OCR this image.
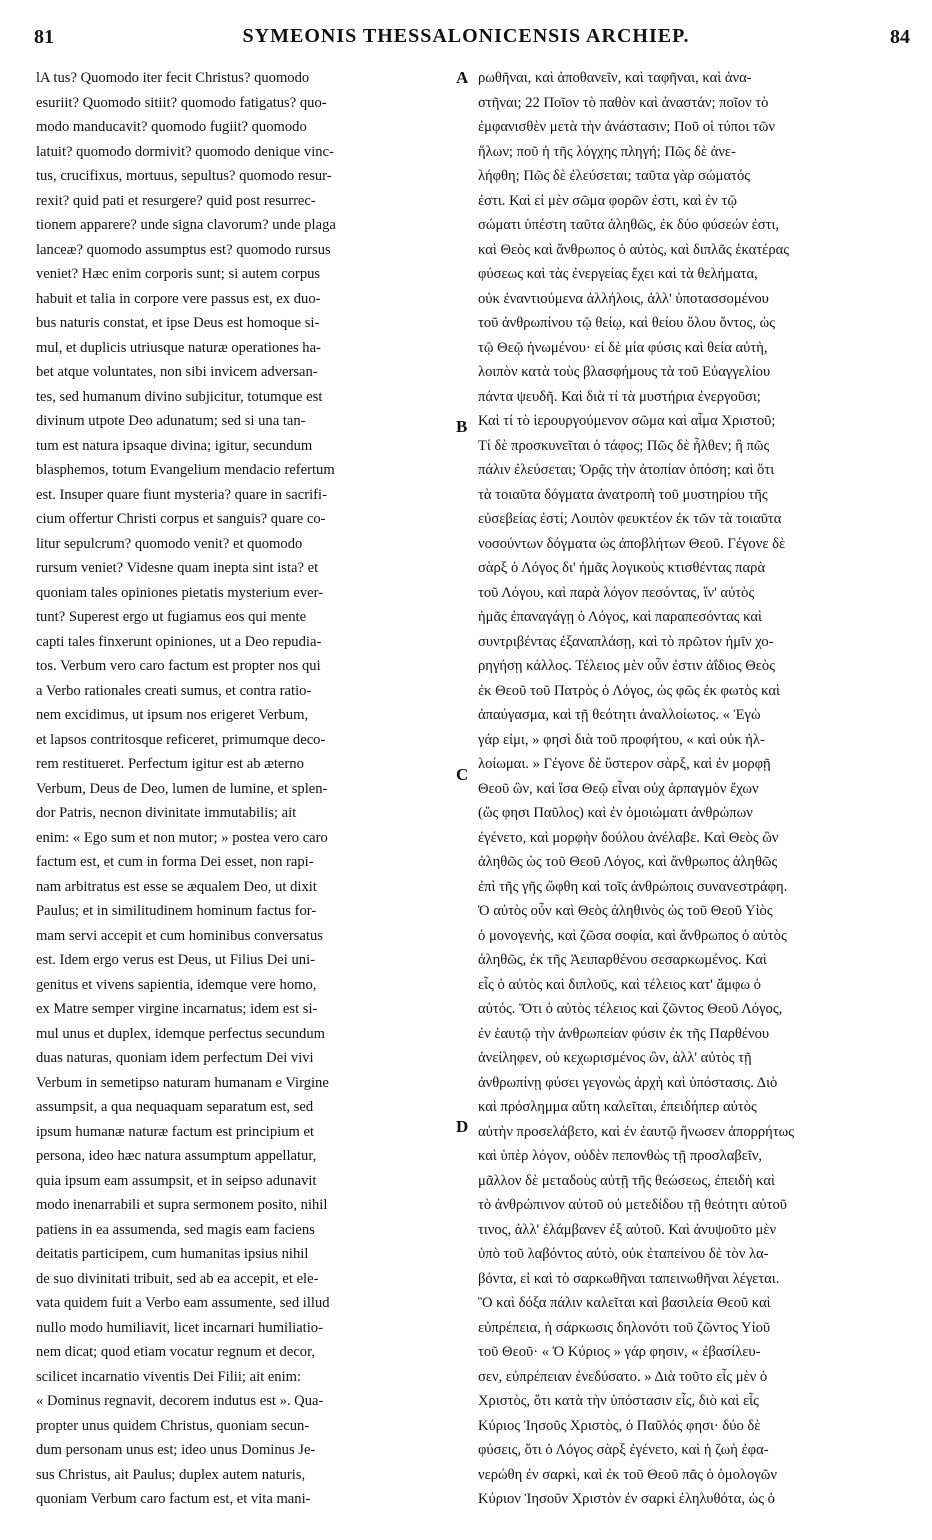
81	SYMEONIS THESSALONICENSIS ARCHIEP.	84
lA tus? Quomodo iter fecit Christus? quomodo
esuriit? Quomodo sitiit? quomodo fatigatus? quo-
modo manducavit? quomodo fugiit? quomodo
latuit? quomodo dormivit? quomodo denique vinc-
tus, crucifixus, mortuus, sepultus? quomodo resur-
rexit? quid pati et resurgere? quid post resurrec-
tionem apparere? unde signa clavorum? unde plaga
lanceæ? quomodo assumptus est? quomodo rursus
veniet? Hæc enim corporis sunt; si autem corpus
habuit et talia in corpore vere passus est, ex duo-
bus naturis constat, et ipse Deus est homoque si-
mul, et duplicis utriusque naturæ operationes ha-
bet atque voluntates, non sibi invicem adversan-
tes, sed humanum divino subjicitur, totumque est
divinum utpote Deo adunatum; sed si una tan-
tum est natura ipsaque divina; igitur, secundum
blasphemos, totum Evangelium mendacio refertum
est. Insuper quare fiunt mysteria? quare in sacrifi-
cium offertur Christi corpus et sanguis? quare co-
litur sepulcrum? quomodo venit? et quomodo
rursum veniet? Videsne quam inepta sint ista? et
quoniam tales opiniones pietatis mysterium ever-
tunt? Superest ergo ut fugiamus eos qui mente
capti tales finxerunt opiniones, ut a Deo repudia-
tos. Verbum vero caro factum est propter nos qui
a Verbo rationales creati sumus, et contra ratio-
nem excidimus, ut ipsum nos erigeret Verbum,
et lapsos contritosque reficeret, primumque deco-
rem restitueret. Perfectum igitur est ab æterno
Verbum, Deus de Deo, lumen de lumine, et splen-
dor Patris, necnon divinitate immutabilis; ait
enim: « Ego sum et non mutor; » postea vero caro
factum est, et cum in forma Dei esset, non rapi-
nam arbitratus est esse se æqualem Deo, ut dixit
Paulus; et in similitudinem hominum factus for-
mam servi accepit et cum hominibus conversatus
est. Idem ergo verus est Deus, ut Filius Dei uni-
genitus et vivens sapientia, idemque vere homo,
ex Matre semper virgine incarnatus; idem est si-
mul unus et duplex, idemque perfectus secundum
duas naturas, quoniam idem perfectum Dei vivi
Verbum in semetipso naturam humanam e Virgine
assumpsit, a qua nequaquam separatum est, sed
ipsum humanæ naturæ factum est principium et
persona, ideo hæc natura assumptum appellatur,
quia ipsum eam assumpsit, et in seipso adunavit
modo inenarrabili et supra sermonem posito, nihil
patiens in ea assumenda, sed magis eam faciens
deitatis participem, cum humanitas ipsius nihil
de suo divinitati tribuit, sed ab ea accepit, et ele-
vata quidem fuit a Verbo eam assumente, sed illud
nullo modo humiliavit, licet incarnari humiliatio-
nem dicat; quod etiam vocatur regnum et decor,
scilicet incarnatio viventis Dei Filii; ait enim:
« Dominus regnavit, decorem indutus est ». Qua-
propter unus quidem Christus, quoniam secun-
dum personam unus est; ideo unus Dominus Je-
sus Christus, ait Paulus; duplex autem naturis,
quoniam Verbum caro factum est, et vita mani-
ρωθῆναι, καὶ ἀποθανεῖν, καὶ ταφῆναι, καὶ ἀνα-
στῆναι; 22 Ποῖον τὸ παθὸν καὶ ἀναστάν; ποῖον τὸ
ἐμφανισθὲν μετὰ τὴν ἀνάστασιν; Ποῦ οἱ τύποι τῶν
ἥλων; ποῦ ἡ τῆς λόγχης πληγή; Πῶς δὲ ἀνε-
λήφθη; Πῶς δὲ ἐλεύσεται; ταῦτα γὰρ σώματός
ἐστι. Καὶ εἰ μὲν σῶμα φορῶν ἐστι, καὶ ἐν τῷ
σώματι ὑπέστη ταῦτα ἀληθῶς, ἐκ δύο φύσεών ἐστι,
καὶ Θεὸς καὶ ἄνθρωπος ὁ αὐτὸς, καὶ διπλᾶς ἑκατέρας
φύσεως καὶ τὰς ἐνεργείας ἔχει καὶ τὰ θελήματα,
οὐκ ἐναντιούμενα ἀλλήλοις, ἀλλ' ὑποτασσομένου
τοῦ ἀνθρωπίνου τῷ θείῳ, καὶ θείου ὅλου ὄντος, ὡς
τῷ Θεῷ ἡνωμένου· εἰ δὲ μία φύσις καὶ θεία αὐτὴ,
λοιπὸν κατὰ τοὺς βλασφήμους τὰ τοῦ Εὐαγγελίου
πάντα ψευδῆ. Καὶ διὰ τί τὰ μυστήρια ἐνεργοῦσι;
Καὶ τί τὸ ἱερουργούμενον σῶμα καὶ αἷμα Χριστοῦ;
Τί δὲ προσκυνεῖται ὁ τάφος; Πῶς δὲ ἦλθεν; ἢ πῶς
πάλιν ἐλεύσεται; Ὁρᾷς τὴν ἀτοπίαν ὁπόση; καὶ ὅτι
τὰ τοιαῦτα δόγματα ἀνατροπὴ τοῦ μυστηρίου τῆς
εὐσεβείας ἐστί; Λοιπὸν φευκτέον ἐκ τῶν τὰ τοιαῦτα
νοσούντων δόγματα ὡς ἀποβλήτων Θεοῦ. Γέγονε δὲ
σὰρξ ὁ Λόγος δι' ἡμᾶς λογικοὺς κτισθέντας παρὰ
τοῦ Λόγου, καὶ παρὰ λόγον πεσόντας, ἵν' αὐτὸς
ἡμᾶς ἐπαναγάγῃ ὁ Λόγος, καὶ παραπεσόντας καὶ
συντριβέντας ἐξαναπλάσῃ, καὶ τὸ πρῶτον ἡμῖν χο-
ρηγήσῃ κάλλος. Τέλειος μὲν οὖν ἐστιν ἀΐδιος Θεὸς
ἐκ Θεοῦ τοῦ Πατρὸς ὁ Λόγος, ὡς φῶς ἐκ φωτὸς καὶ
ἀπαύγασμα, καὶ τῇ θεότητι ἀναλλοίωτος. « Ἐγὼ
γάρ εἰμι, » φησὶ διὰ τοῦ προφήτου, « καὶ οὐκ ἠλ-
λοίωμαι. » Γέγονε δὲ ὕστερον σὰρξ, καὶ ἐν μορφῇ
Θεοῦ ὢν, καὶ ἴσα Θεῷ εἶναι οὐχ ἁρπαγμὸν ἔχων
(ὥς φησι Παῦλος) καὶ ἐν ὁμοιώματι ἀνθρώπων
ἐγένετο, καὶ μορφὴν δούλου ἀνέλαβε. Καὶ Θεὸς ὢν
ἀληθῶς ὡς τοῦ Θεοῦ Λόγος, καὶ ἄνθρωπος ἀληθῶς
ἐπὶ τῆς γῆς ὤφθη καὶ τοῖς ἀνθρώποις συνανεστράφη.
Ὁ αὐτὸς οὖν καὶ Θεὸς ἀληθινὸς ὡς τοῦ Θεοῦ Υἱὸς
ὁ μονογενὴς, καὶ ζῶσα σοφία, καὶ ἄνθρωπος ὁ αὐτὸς
ἀληθῶς, ἐκ τῆς Ἀειπαρθένου σεσαρκωμένος. Καὶ
εἷς ὁ αὐτὸς καὶ διπλοῦς, καὶ τέλειος κατ' ἄμφω ὁ
αὐτός. Ὅτι ὁ αὐτὸς τέλειος καὶ ζῶντος Θεοῦ Λόγος,
ἐν ἑαυτῷ τὴν ἀνθρωπείαν φύσιν ἐκ τῆς Παρθένου
ἀνείληφεν, οὐ κεχωρισμένος ὢν, ἀλλ' αὐτὸς τῇ
ἀνθρωπίνῃ φύσει γεγονὼς ἀρχὴ καὶ ὑπόστασις. Διὸ
καὶ πρόσλημμα αὕτη καλεῖται, ἐπειδήπερ αὐτὸς
αὐτὴν προσελάβετο, καὶ ἐν ἑαυτῷ ἥνωσεν ἀπορρήτως
καὶ ὑπὲρ λόγον, οὐδὲν πεπονθὼς τῇ προσλαβεῖν,
μᾶλλον δὲ μεταδοὺς αὐτῇ τῆς θεώσεως, ἐπειδὴ καὶ
τὸ ἀνθρώπινον αὐτοῦ οὐ μετεδίδου τῇ θεότητι αὐτοῦ
τινος, ἀλλ' ἐλάμβανεν ἐξ αὐτοῦ. Καὶ ἀνυψοῦτο μὲν
ὑπὸ τοῦ λαβόντος αὐτὸ, οὐκ ἐταπείνου δὲ τὸν λα-
βόντα, εἰ καὶ τὸ σαρκωθῆναι ταπεινωθῆναι λέγεται.
Ὃ καὶ δόξα πάλιν καλεῖται καὶ βασιλεία Θεοῦ καὶ
εὐπρέπεια, ἡ σάρκωσις δηλονότι τοῦ ζῶντος Υἱοῦ
τοῦ Θεοῦ· « Ὁ Κύριος » γάρ φησιν, « ἐβασίλευ-
σεν, εὐπρέπειαν ἐνεδύσατο. » Διὰ τοῦτο εἷς μὲν ὁ
Χριστὸς, ὅτι κατὰ τὴν ὑπόστασιν εἷς, διὸ καὶ εἷς
Κύριος Ἰησοῦς Χριστὸς, ὁ Παῦλός φησι· δύο δὲ
φύσεις, ὅτι ὁ Λόγος σὰρξ ἐγένετο, καὶ ἡ ζωὴ ἐφα-
νερώθη ἐν σαρκὶ, καὶ ἐκ τοῦ Θεοῦ πᾶς ὁ ὁμολογῶν
Κύριον Ἰησοῦν Χριστὸν ἐν σαρκὶ ἐληλυθότα, ὡς ὁ
A
B
C
D
